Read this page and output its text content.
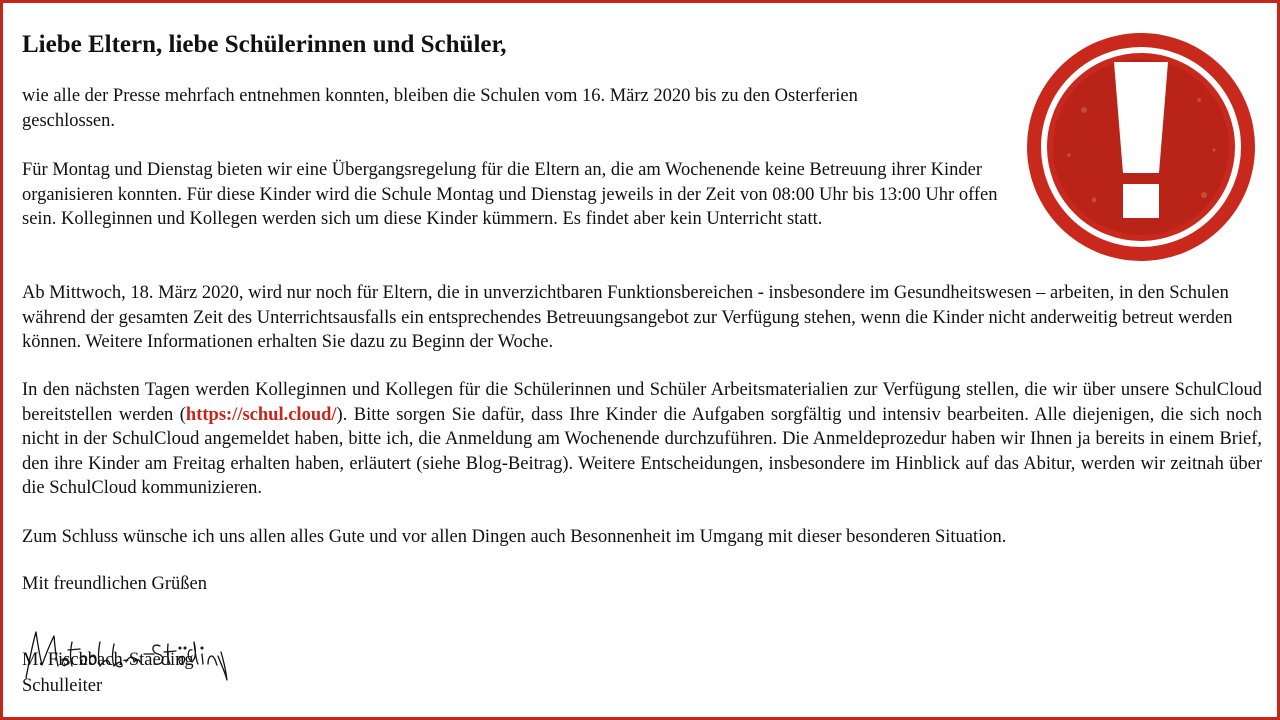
Liebe Eltern, liebe Schülerinnen und Schüler,

wie alle der Presse mehrfach entnehmen konnten, bleiben die Schulen vom 16. März 2020 bis zu den Osterferien geschlossen.

Für Montag und Dienstag bieten wir eine Übergangsregelung für die Eltern an, die am Wochenende keine Betreuung ihrer Kinder organisieren konnten. Für diese Kinder wird die Schule Montag und Dienstag jeweils in der Zeit von 08:00 Uhr bis 13:00 Uhr offen sein. Kolleginnen und Kollegen werden sich um diese Kinder kümmern. Es findet aber kein Unterricht statt.

Ab Mittwoch, 18. März 2020, wird nur noch für Eltern, die in unverzichtbaren Funktionsbereichen - insbesondere im Gesundheitswesen – arbeiten, in den Schulen während der gesamten Zeit des Unterrichtsausfalls ein entsprechendes Betreuungsangebot zur Verfügung stehen, wenn die Kinder nicht anderweitig betreut werden können. Weitere Informationen erhalten Sie dazu zu Beginn der Woche.

In den nächsten Tagen werden Kolleginnen und Kollegen für die Schülerinnen und Schüler Arbeitsmaterialien zur Verfügung stellen, die wir über unsere SchulCloud bereitstellen werden (https://schul.cloud/). Bitte sorgen Sie dafür, dass Ihre Kinder die Aufgaben sorgfältig und intensiv bearbeiten. Alle diejenigen, die sich noch nicht in der SchulCloud angemeldet haben, bitte ich, die Anmeldung am Wochenende durchzuführen. Die Anmeldeprozedur haben wir Ihnen ja bereits in einem Brief, den ihre Kinder am Freitag erhalten haben, erläutert (siehe Blog-Beitrag). Weitere Entscheidungen, insbesondere im Hinblick auf das Abitur, werden wir zeitnah über die SchulCloud kommunizieren.

Zum Schluss wünsche ich uns allen alles Gute und vor allen Dingen auch Besonnenheit im Umgang mit dieser besonderen Situation.

Mit freundlichen Grüßen
M. Fischbach-Staeding
Schulleiter
